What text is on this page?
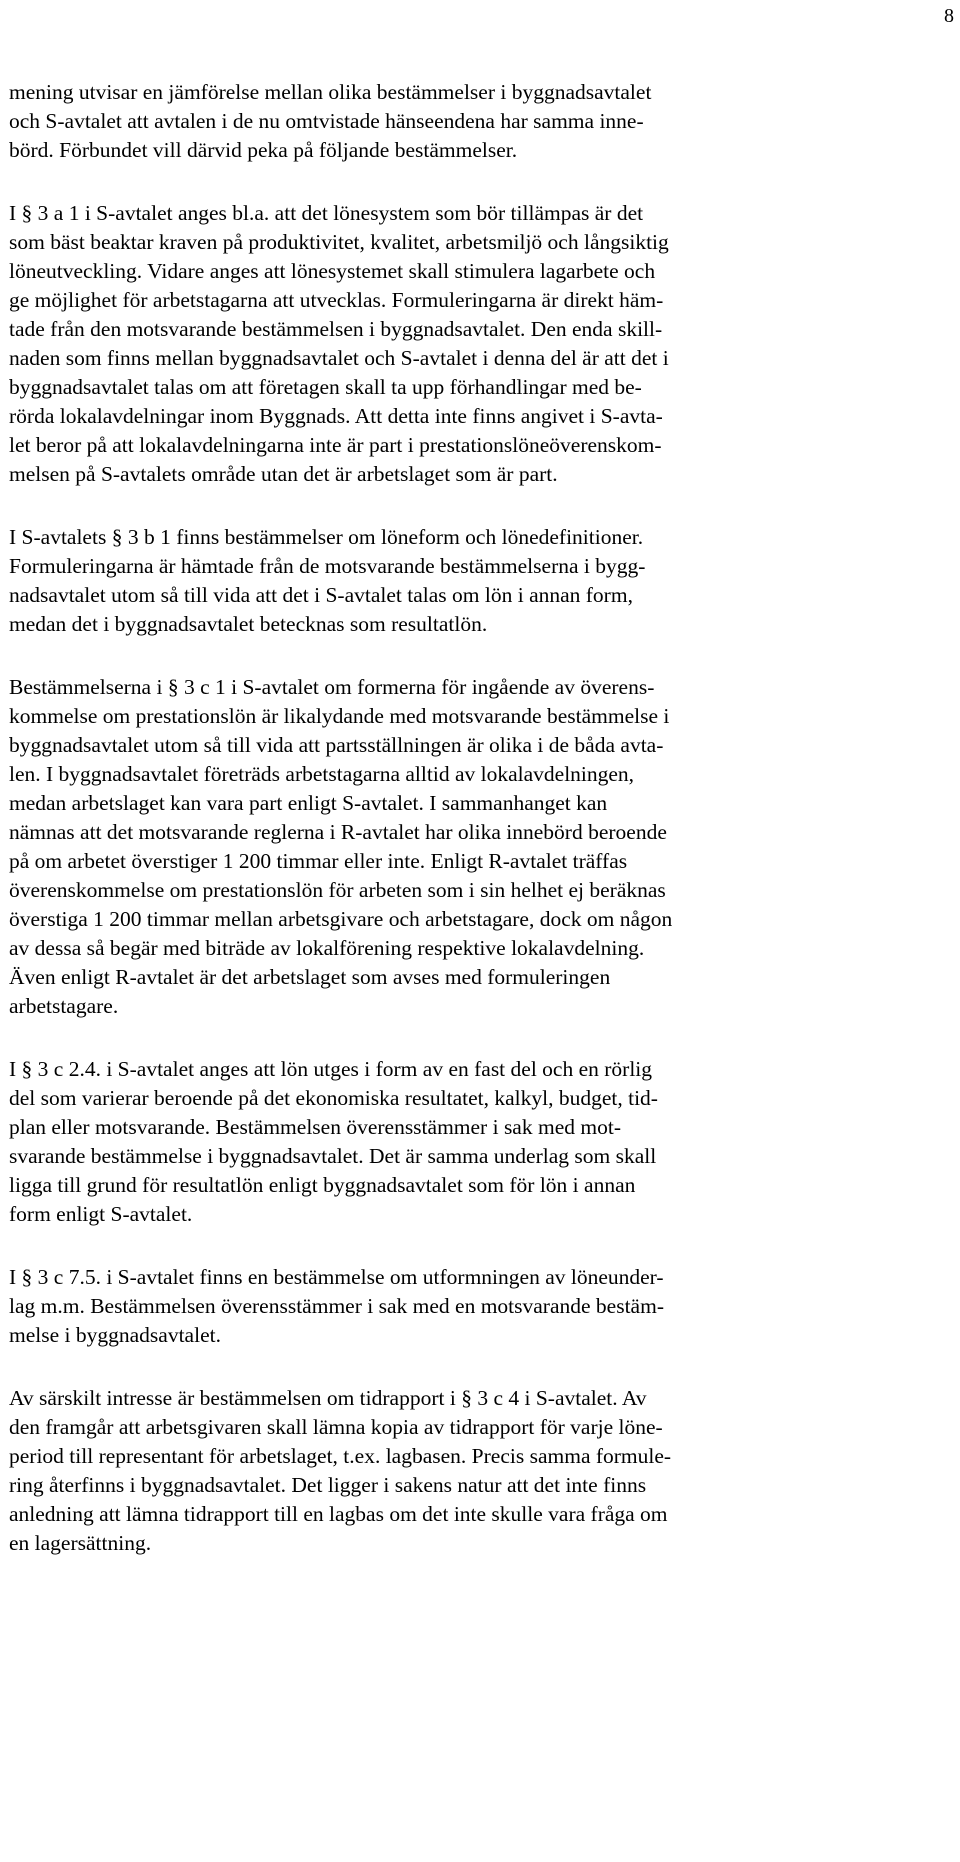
8

mening utvisar en jämförelse mellan olika bestämmelser i byggnadsavtalet
och S-avtalet att avtalen i de nu omtvistade hänseendena har samma inne-
börd. Förbundet vill därvid peka på följande bestämmelser.

I § 3 a 1 i S-avtalet anges bl.a. att det lönesystem som bör tillämpas är det
som bäst beaktar kraven på produktivitet, kvalitet, arbetsmiljö och långsiktig
löneutveckling. Vidare anges att lönesystemet skall stimulera lagarbete och
ge möjlighet för arbetstagarna att utvecklas. Formuleringarna är direkt häm-
tade från den motsvarande bestämmelsen i byggnadsavtalet. Den enda skill-
naden som finns mellan byggnadsavtalet och S-avtalet i denna del är att det i
byggnadsavtalet talas om att företagen skall ta upp förhandlingar med be-
rörda lokalavdelningar inom Byggnads. Att detta inte finns angivet i S-avta-
let beror på att lokalavdelningarna inte är part i prestationslöneöverenskom-
melsen på S-avtalets område utan det är arbetslaget som är part.

I S-avtalets § 3 b 1 finns bestämmelser om löneform och lönedefinitioner.
Formuleringarna är hämtade från de motsvarande bestämmelserna i bygg-
nadsavtalet utom så till vida att det i S-avtalet talas om lön i annan form,
medan det i byggnadsavtalet betecknas som resultatlön.

Bestämmelserna i § 3 c 1 i S-avtalet om formerna för ingående av överens-
kommelse om prestationslön är likalydande med motsvarande bestämmelse i
byggnadsavtalet utom så till vida att partsställningen är olika i de båda avta-
len. I byggnadsavtalet företräds arbetstagarna alltid av lokalavdelningen,
medan arbetslaget kan vara part enligt S-avtalet. I sammanhanget kan
nämnas att det motsvarande reglerna i R-avtalet har olika innebörd beroende
på om arbetet överstiger 1 200 timmar eller inte. Enligt R-avtalet träffas
överenskommelse om prestationslön för arbeten som i sin helhet ej beräknas
överstiga 1 200 timmar mellan arbetsgivare och arbetstagare, dock om någon
av dessa så begär med biträde av lokalförening respektive lokalavdelning.
Även enligt R-avtalet är det arbetslaget som avses med formuleringen
arbetstagare.

I § 3 c 2.4. i S-avtalet anges att lön utges i form av en fast del och en rörlig
del som varierar beroende på det ekonomiska resultatet, kalkyl, budget, tid-
plan eller motsvarande. Bestämmelsen överensstämmer i sak med mot-
svarande bestämmelse i byggnadsavtalet. Det är samma underlag som skall
ligga till grund för resultatlön enligt byggnadsavtalet som för lön i annan
form enligt S-avtalet.

I § 3 c 7.5. i S-avtalet finns en bestämmelse om utformningen av löneunder-
lag m.m. Bestämmelsen överensstämmer i sak med en motsvarande bestäm-
melse i byggnadsavtalet.

Av särskilt intresse är bestämmelsen om tidrapport i § 3 c 4 i S-avtalet. Av
den framgår att arbetsgivaren skall lämna kopia av tidrapport för varje löne-
period till representant för arbetslaget, t.ex. lagbasen. Precis samma formule-
ring återfinns i byggnadsavtalet. Det ligger i sakens natur att det inte finns
anledning att lämna tidrapport till en lagbas om det inte skulle vara fråga om
en lagersättning.
